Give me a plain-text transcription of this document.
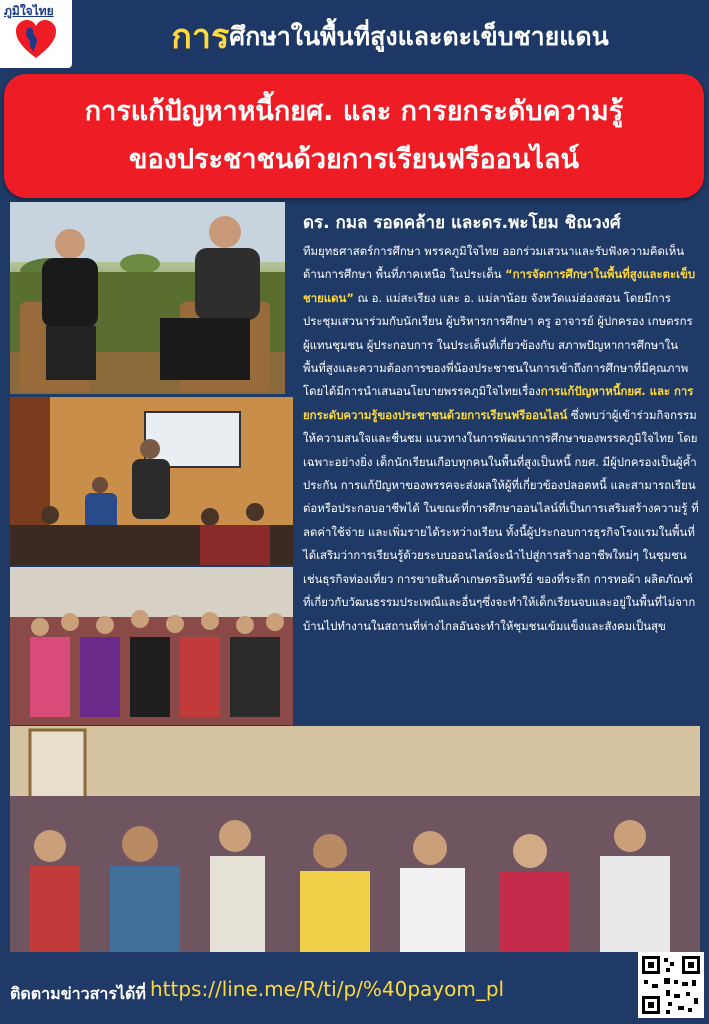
ภูมิใจไทย
การ ศึกษาในพื้นที่สูงและตะเข็บชายแดน
การแก้ปัญหาหนี้กยศ. และ การยกระดับความรู้
ของประชาชนด้วยการเรียนฟรีออนไลน์
ดร. กมล รอดคล้าย และดร.พะโยม ชิณวงศ์
ทีมยุทธศาสตร์การศึกษา พรรคภูมิใจไทย ออกร่วมเสวนาและรับฟังความคิดเห็นด้านการศึกษา พื้นที่ภาคเหนือ ในประเด็น “การจัดการศึกษาในพื้นที่สูงและตะเข็บชายแดน” ณ อ. แม่สะเรียง และ อ. แม่ลาน้อย จังหวัดแม่ฮ่องสอน โดยมีการประชุมเสวนาร่วมกับนักเรียน ผู้บริหารการศึกษา ครู อาจารย์ ผู้ปกครอง เกษตรกร ผู้แทนชุมชน ผู้ประกอบการ ในประเด็นที่เกี่ยวข้องกับ สภาพปัญหาการศึกษาในพื้นที่สูงและความต้องการของพี่น้องประชาชนในการเข้าถึงการศึกษาที่มีคุณภาพ โดยได้มีการนำเสนอนโยบายพรรคภูมิใจไทยเรื่องการแก้ปัญหาหนี้กยศ. และ การยกระดับความรู้ของประชาชนด้วยการเรียนฟรีออนไลน์ ซึ่งพบว่าผู้เข้าร่วมกิจกรรมให้ความสนใจและชื่นชม แนวทางในการพัฒนาการศึกษาของพรรคภูมิใจไทย โดยเฉพาะอย่างยิ่ง เด็กนักเรียนเกือบทุกคนในพื้นที่สูงเป็นหนี้ กยศ. มีผู้ปกครองเป็นผู้ค้ำประกัน การแก้ปัญหาของพรรคจะส่งผลให้ผู้ที่เกี่ยวข้องปลอดหนี้ และสามารถเรียนต่อหรือประกอบอาชีพได้ ในขณะที่การศึกษาออนไลน์ที่เป็นการเสริมสร้างความรู้ ที่ลดค่าใช้จ่าย และเพิ่มรายได้ระหว่างเรียน ทั้งนี้ผู้ประกอบการธุรกิจโรงแรมในพื้นที่ได้เสริมว่าการเรียนรู้ด้วยระบบออนไลน์จะนำไปสู่การสร้างอาชีพใหม่ๆ ในชุมชนเช่นธุรกิจท่องเที่ยว การขายสินค้าเกษตรอินทรีย์ ของที่ระลึก การทอผ้า ผลิตภัณฑ์ที่เกี่ยวกับวัฒนธรรมประเพณีและอื่นๆซึ่งจะทำให้เด็กเรียนจบและอยู่ในพื้นที่ไม่จากบ้านไปทำงานในสถานที่ห่างไกลอันจะทำให้ชุมชนเข้มแข็งและสังคมเป็นสุข
ติดตามข่าวสารได้ที่ https://line.me/R/ti/p/%40payom_pl
